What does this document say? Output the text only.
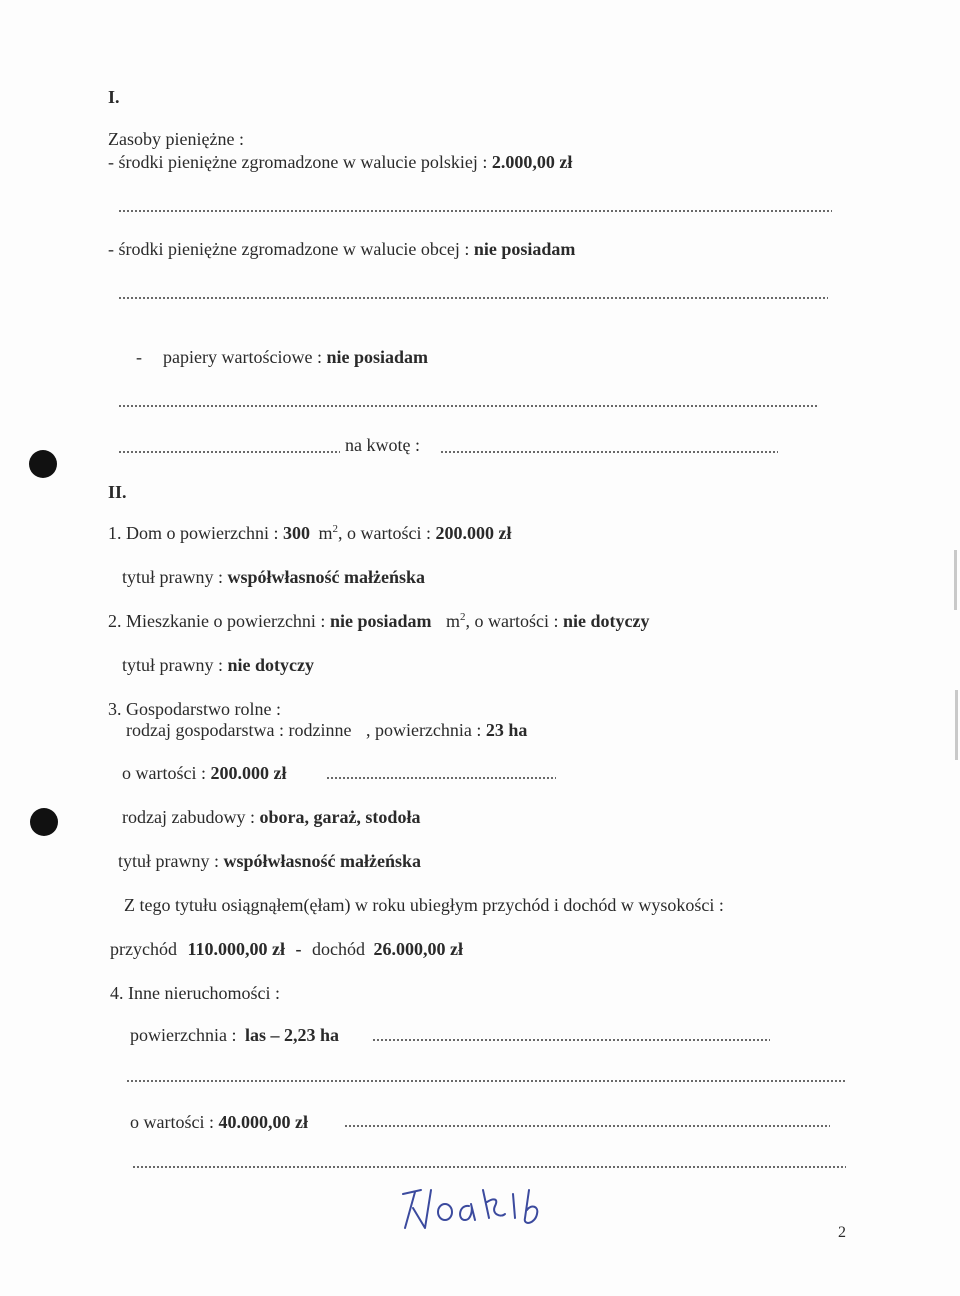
I.
Zasoby pieniężne :
- środki pieniężne zgromadzone w walucie polskiej : 2.000,00 zł
- środki pieniężne zgromadzone w walucie obcej : nie posiadam
- papiery wartościowe : nie posiadam
na kwotę :
II.
1. Dom o powierzchni : 300 $m^2$, o wartości : 200.000 zł
tytuł prawny : współwłasność małżeńska
2. Mieszkanie o powierzchni : nie posiadam $m^2$, o wartości : nie dotyczy
tytuł prawny : nie dotyczy
3. Gospodarstwo rolne :
rodzaj gospodarstwa : rodzinne , powierzchnia : 23 ha
o wartości : 200.000 zł
rodzaj zabudowy : obora, garaż, stodoła
tytuł prawny : współwłasność małżeńska
Z tego tytułu osiągnąłem(ęłam) w roku ubiegłym przychód i dochód w wysokości :
przychód 110.000,00 zł - dochód 26.000,00 zł
4. Inne nieruchomości :
powierzchnia : las – 2,23 ha
o wartości : 40.000,00 zł
2
